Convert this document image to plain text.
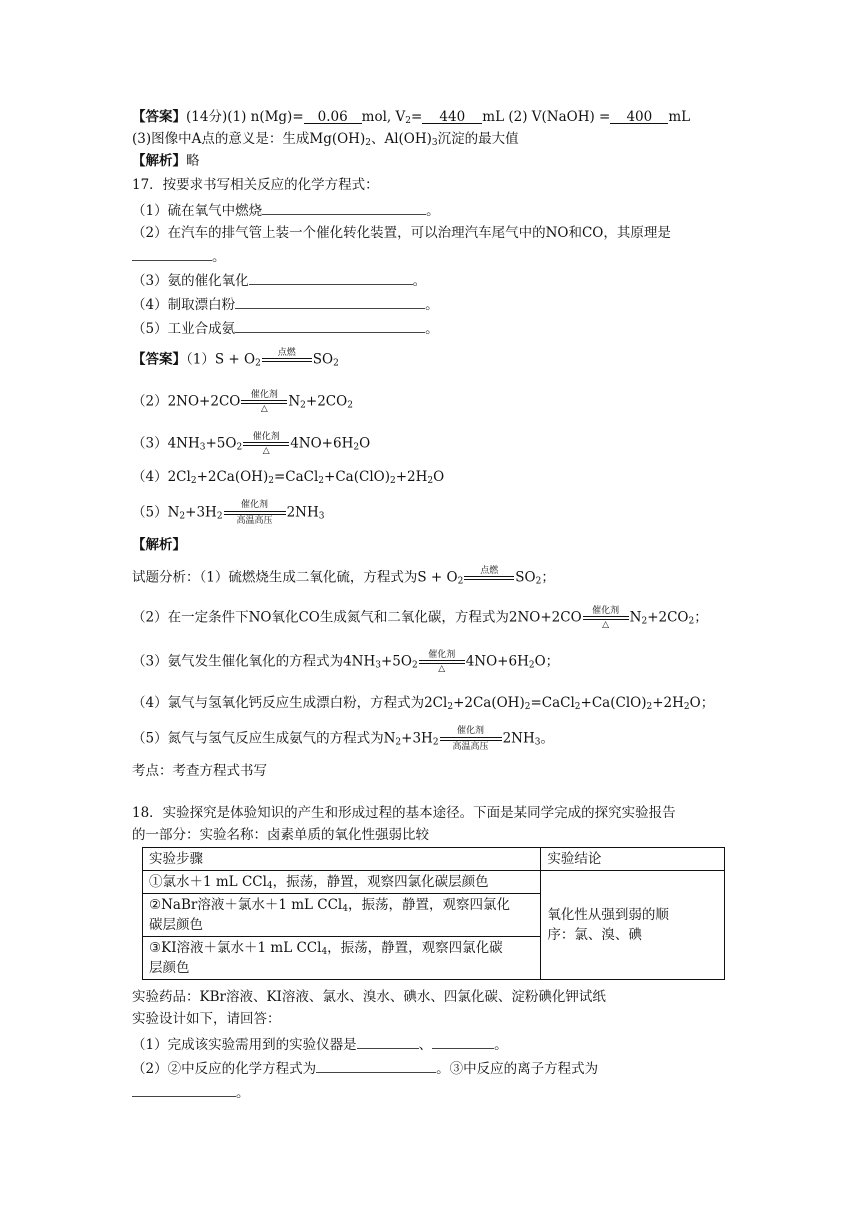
【答案】(14分)(1) n(Mg)= 0.06 mol, $V_2= 440$ mL (2) V(NaOH) = 400 mL
(3)图像中A点的意义是：生成$Mg(OH)_2$、$Al(OH)_3$沉淀的最大值
【解析】略
17．按要求书写相关反应的化学方程式：
（1）硫在氧气中燃烧	。
（2）在汽车的排气管上装一个催化转化装置，可以治理汽车尾气中的NO和CO，其原理是
。
（3）氨的催化氧化	。
（4）制取漂白粉	。
（5）工业合成氨	。
【答案】$(1)S + O_2$
点燃
	$SO_2$
（2）2NO+2CO	催化剂
△	$N_2+2CO_2$
$(3)4NH_3+5O_2$
催化剂
△	$4NO+6H_2O$
$(4)2Cl_2+2Ca(OH)_2=CaCl_2+Ca(ClO)_2+2H_2O$
$(5)N_2+3H_2$
催化剂
高温高压
$2NH_3$
【解析】
试题分析：（1）硫燃烧生成二氧化硫，方程式为$S + O_2$
点燃
	$SO_2$；
（2）在一定条件下NO氧化CO生成氮气和二氧化碳，方程式为2NO+2CO	催化剂
△	$N_2+2CO_2$；
（3）氨气发生催化氧化的方程式为$4NH_3+5O_2$
催化剂
△	$4NO+6H_2O$；
（4）氯气与氢氧化钙反应生成漂白粉，方程式为$2Cl_2+2Ca(OH)_2=CaCl_2+Ca(ClO)_2+2H_2O$；
（5）氮气与氢气反应生成氨气的方程式为$N_2+3H_2$
催化剂
高温高压
$2NH_3$。
考点：考查方程式书写
18．实验探究是体验知识的产生和形成过程的基本途径。下面是某同学完成的探究实验报告
的一部分：实验名称：卤素单质的氧化性强弱比较
实验步骤	实验结论
①氯水＋1 mL CCl$_4$，振荡，静置，观察四氯化碳层颜色	氧化性从强到弱的顺
序：氯、溴、碘
②NaBr溶液＋氯水＋1 mL CCl$_4$，振荡，静置，观察四氯化
碳层颜色	
③KI溶液＋氯水＋1 mL CCl$_4$，振荡，静置，观察四氯化碳
层颜色	
实验药品：KBr溶液、KI溶液、氯水、溴水、碘水、四氯化碳、淀粉碘化钾试纸
实验设计如下，请回答：
（1）完成该实验需用到的实验仪器是	、	。
（2）②中反应的化学方程式为	。③中反应的离子方程式为
。
